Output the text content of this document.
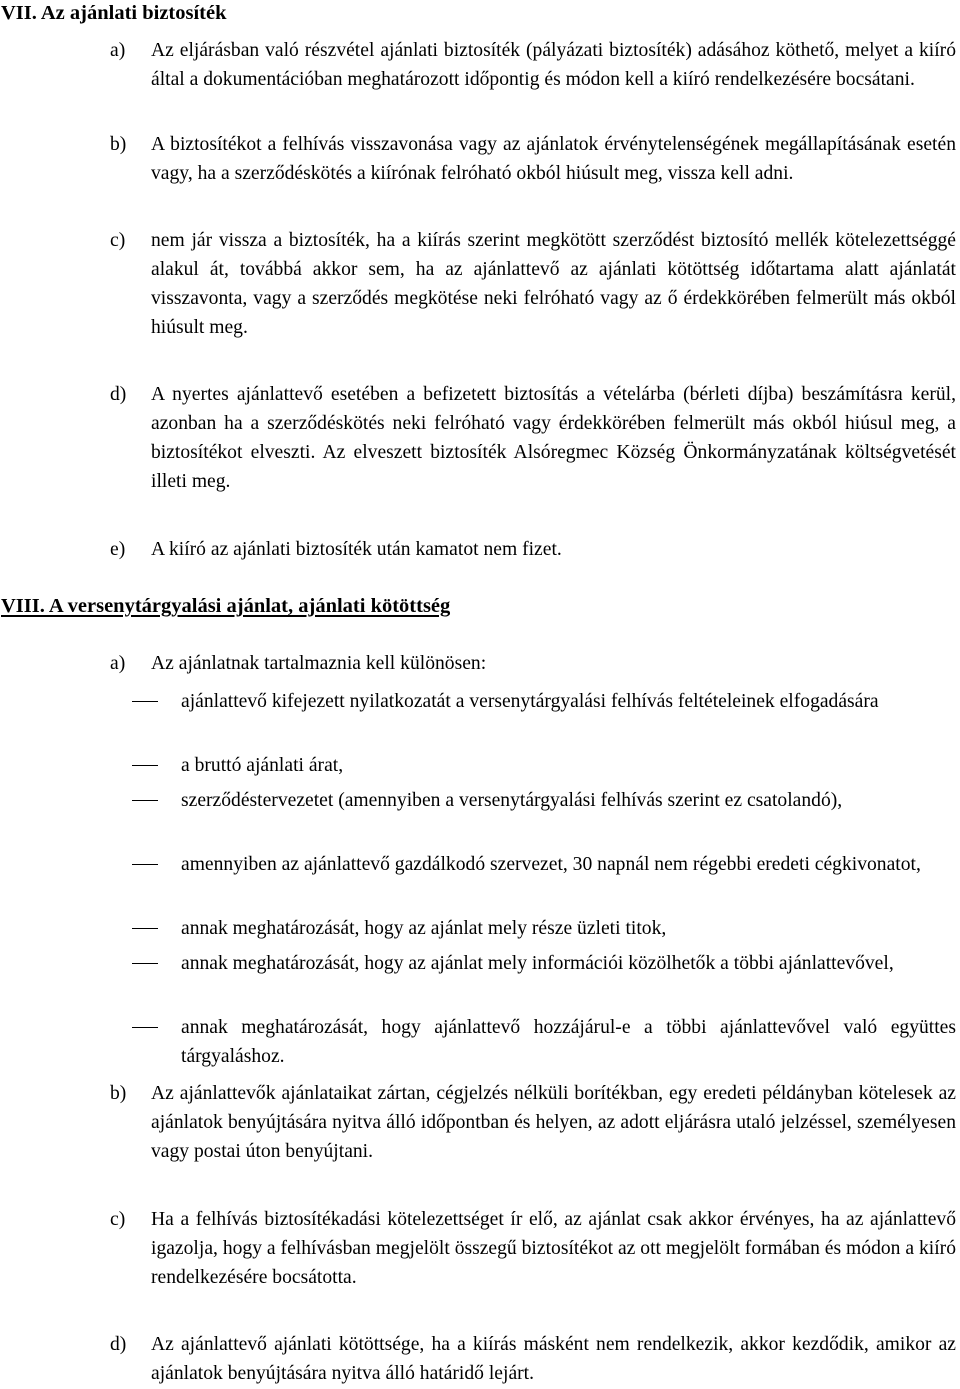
VII. Az ajánlati biztosíték
a)	Az eljárásban való részvétel ajánlati biztosíték (pályázati biztosíték) adásához köthető, melyet a kiíró által a dokumentációban meghatározott időpontig és módon kell a kiíró rendelkezésére bocsátani.
b)	A biztosítékot a felhívás visszavonása vagy az ajánlatok érvénytelenségének megállapításának esetén vagy, ha a szerződéskötés a kiírónak felróható okból hiúsult meg, vissza kell adni.
c)	nem jár vissza a biztosíték, ha a kiírás szerint megkötött szerződést biztosító mellék kötelezettséggé alakul át, továbbá akkor sem, ha az ajánlattevő az ajánlati kötöttség időtartama alatt ajánlatát visszavonta, vagy a szerződés megkötése neki felróható vagy az ő érdekkörében felmerült más okból hiúsult meg.
d)	A nyertes ajánlattevő esetében a befizetett biztosítás a vételárba (bérleti díjba) beszámításra kerül, azonban ha a szerződéskötés neki felróható vagy érdekkörében felmerült más okból hiúsul meg, a biztosítékot elveszti. Az elveszett biztosíték Alsóregmec Község Önkormányzatának költségvetését illeti meg.
e)	A kiíró az ajánlati biztosíték után kamatot nem fizet.
VIII. A versenytárgyalási ajánlat, ajánlati kötöttség
a)	Az ajánlatnak tartalmaznia kell különösen:
ajánlattevő kifejezett nyilatkozatát a versenytárgyalási felhívás feltételeinek elfogadására
a bruttó ajánlati árat,
szerződéstervezetet (amennyiben a versenytárgyalási felhívás szerint ez csatolandó),
amennyiben az ajánlattevő gazdálkodó szervezet, 30 napnál nem régebbi eredeti cégkivonatot,
annak meghatározását, hogy az ajánlat mely része üzleti titok,
annak meghatározását, hogy az ajánlat mely információi közölhetők a többi ajánlattevővel,
annak meghatározását, hogy ajánlattevő hozzájárul-e a többi ajánlattevővel való együttes tárgyaláshoz.
b)	Az ajánlattevők ajánlataikat zártan, cégjelzés nélküli borítékban, egy eredeti példányban kötelesek az ajánlatok benyújtására nyitva álló időpontban és helyen, az adott eljárásra utaló jelzéssel, személyesen vagy postai úton benyújtani.
c)	Ha a felhívás biztosítékadási kötelezettséget ír elő, az ajánlat csak akkor érvényes, ha az ajánlattevő igazolja, hogy a felhívásban megjelölt összegű biztosítékot az ott megjelölt formában és módon a kiíró rendelkezésére bocsátotta.
d)	Az ajánlattevő ajánlati kötöttsége, ha a kiírás másként nem rendelkezik, akkor kezdődik, amikor az ajánlatok benyújtására nyitva álló határidő lejárt.
